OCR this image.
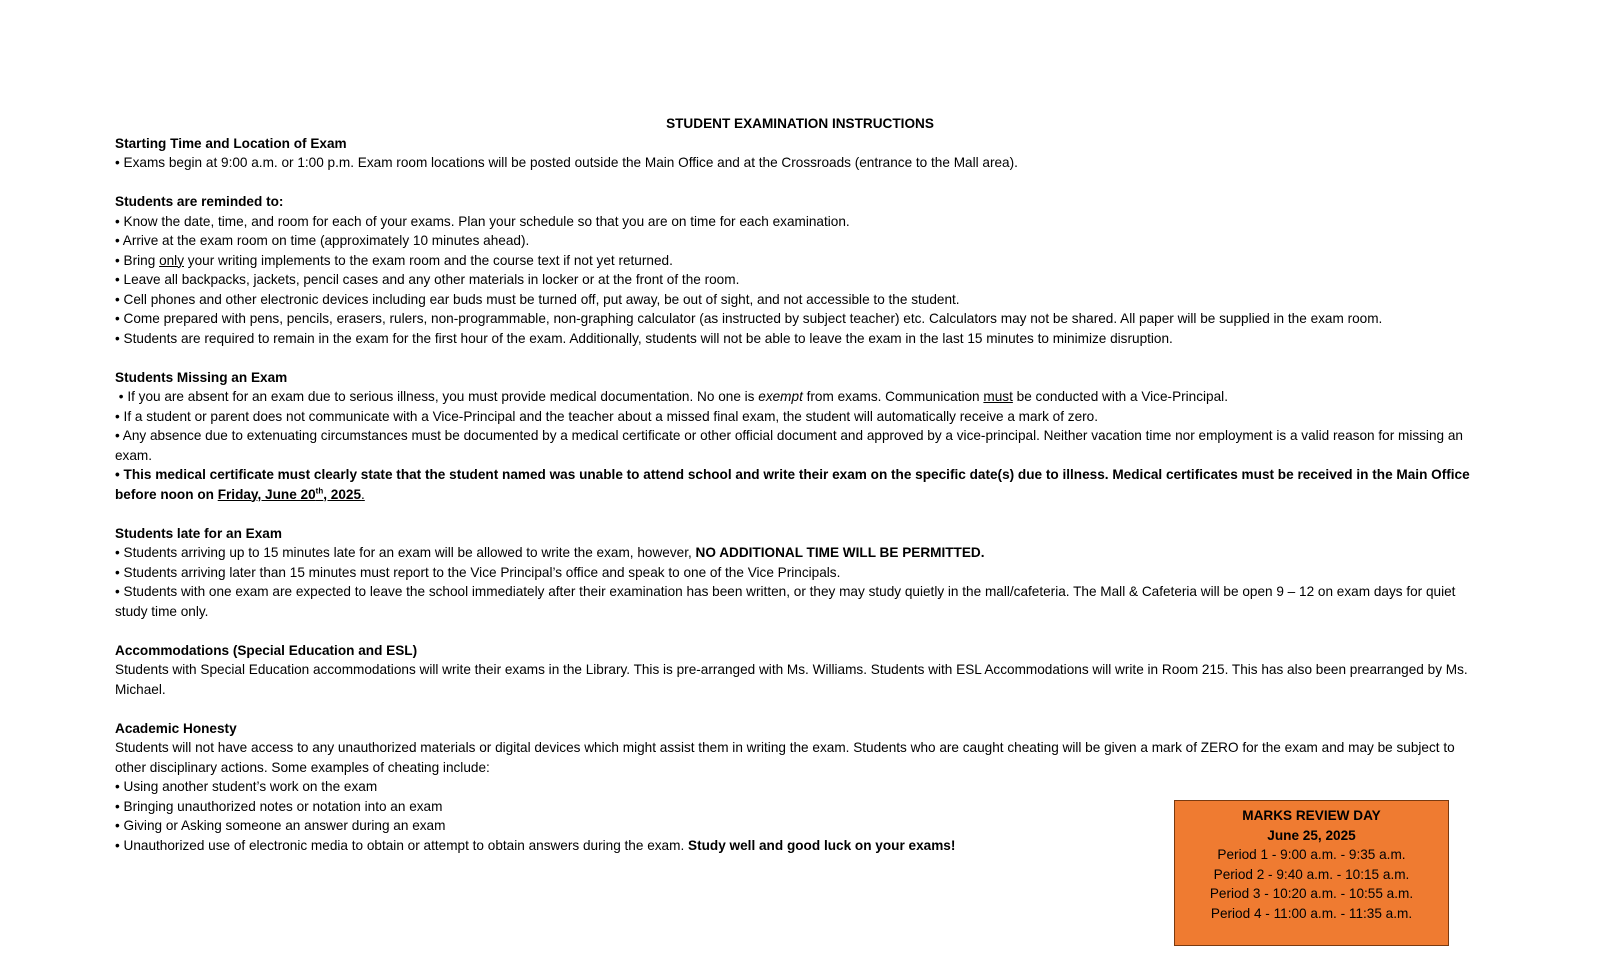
STUDENT EXAMINATION INSTRUCTIONS

Starting Time and Location of Exam

• Exams begin at 9:00 a.m. or 1:00 p.m. Exam room locations will be posted outside the Main Office and at the Crossroads (entrance to the Mall area).

Students are reminded to:

• Know the date, time, and room for each of your exams. Plan your schedule so that you are on time for each examination.

• Arrive at the exam room on time (approximately 10 minutes ahead).

• Bring only your writing implements to the exam room and the course text if not yet returned.

• Leave all backpacks, jackets, pencil cases and any other materials in locker or at the front of the room.

• Cell phones and other electronic devices including ear buds must be turned off, put away, be out of sight, and not accessible to the student.

• Come prepared with pens, pencils, erasers, rulers, non-programmable, non-graphing calculator (as instructed by subject teacher) etc. Calculators may not be shared. All paper will be supplied in the exam room.

• Students are required to remain in the exam for the first hour of the exam. Additionally, students will not be able to leave the exam in the last 15 minutes to minimize disruption.

Students Missing an Exam

• If you are absent for an exam due to serious illness, you must provide medical documentation. No one is exempt from exams. Communication must be conducted with a Vice-Principal.

• If a student or parent does not communicate with a Vice-Principal and the teacher about a missed final exam, the student will automatically receive a mark of zero.

• Any absence due to extenuating circumstances must be documented by a medical certificate or other official document and approved by a vice-principal. Neither vacation time nor employment is a valid reason for missing an exam.

• This medical certificate must clearly state that the student named was unable to attend school and write their exam on the specific date(s) due to illness. Medical certificates must be received in the Main Office before noon on Friday, June 20th, 2025.

Students late for an Exam

• Students arriving up to 15 minutes late for an exam will be allowed to write the exam, however, NO ADDITIONAL TIME WILL BE PERMITTED.

• Students arriving later than 15 minutes must report to the Vice Principal’s office and speak to one of the Vice Principals.

• Students with one exam are expected to leave the school immediately after their examination has been written, or they may study quietly in the mall/cafeteria. The Mall & Cafeteria will be open 9 – 12 on exam days for quiet study time only.

Accommodations (Special Education and ESL)

Students with Special Education accommodations will write their exams in the Library. This is pre-arranged with Ms. Williams. Students with ESL Accommodations will write in Room 215. This has also been prearranged by Ms. Michael.

Academic Honesty

Students will not have access to any unauthorized materials or digital devices which might assist them in writing the exam. Students who are caught cheating will be given a mark of ZERO for the exam and may be subject to other disciplinary actions. Some examples of cheating include:

• Using another student’s work on the exam

• Bringing unauthorized notes or notation into an exam

• Giving or Asking someone an answer during an exam

• Unauthorized use of electronic media to obtain or attempt to obtain answers during the exam. Study well and good luck on your exams!

MARKS REVIEW DAY
June 25, 2025
Period 1 - 9:00 a.m. - 9:35 a.m.
Period 2 - 9:40 a.m. - 10:15 a.m.
Period 3 - 10:20 a.m. - 10:55 a.m.
Period 4 - 11:00 a.m. - 11:35 a.m.
